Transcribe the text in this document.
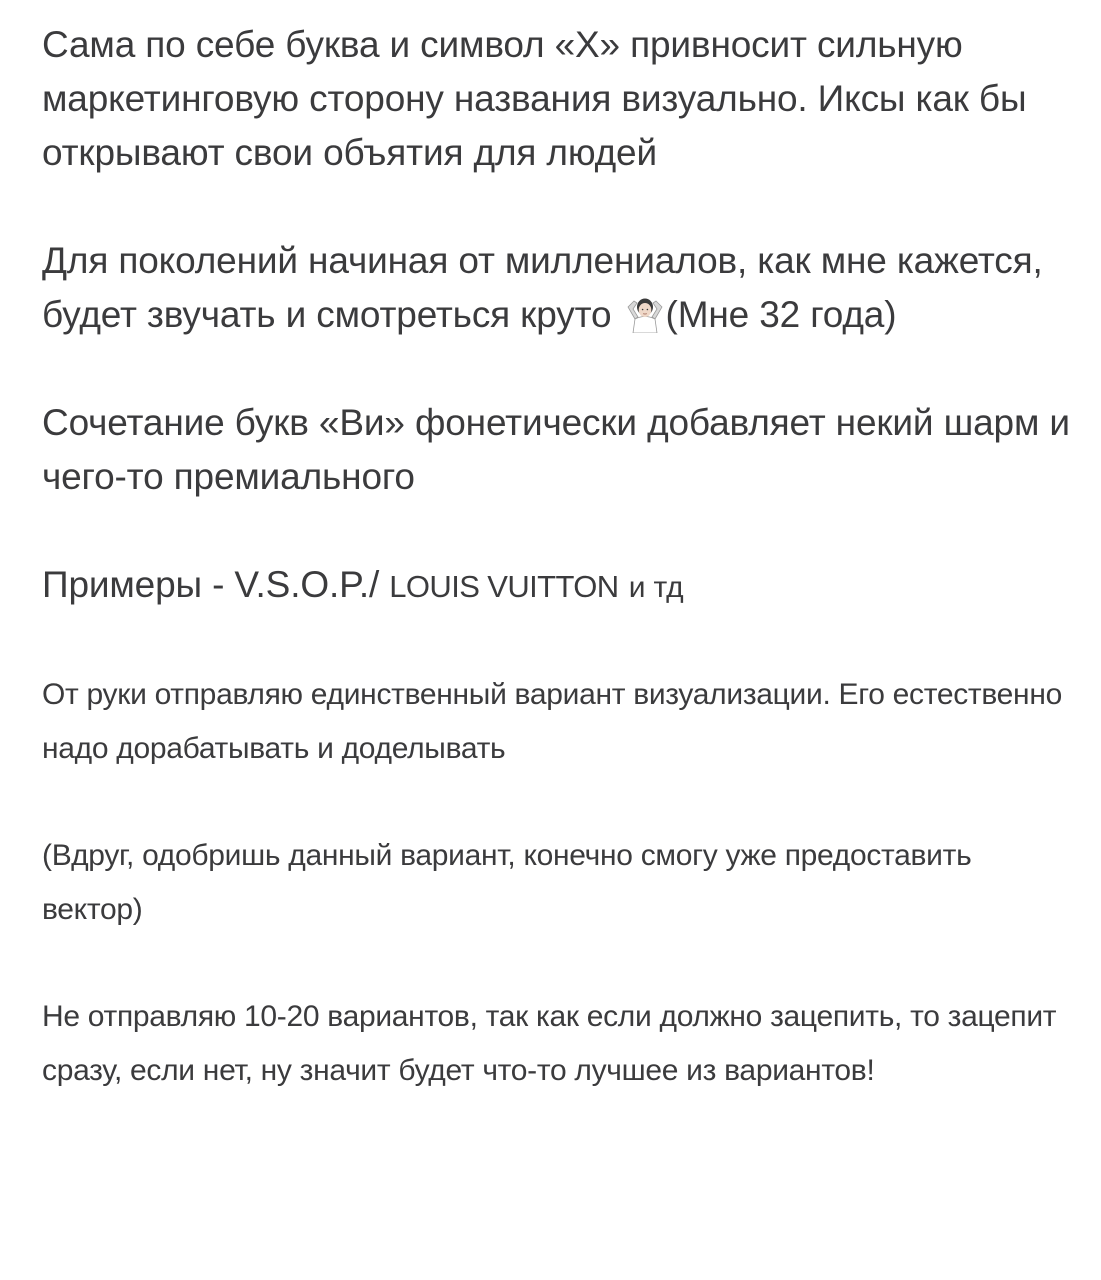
Сама по себе буква и символ «X» привносит сильную маркетинговую сторону названия визуально. Иксы как бы открывают свои объятия для людей

Для поколений начиная от миллениалов, как мне кажется, будет звучать и смотреться круто (Мне 32 года)

Сочетание букв «Ви» фонетически добавляет некий шарм и чего-то премиального

Примеры - V.S.O.P./ LOUIS VUITTON и тд

От руки отправляю единственный вариант визуализации. Его естественно надо дорабатывать и доделывать

(Вдруг, одобришь данный вариант, конечно смогу уже предоставить вектор)

Не отправляю 10-20 вариантов, так как если должно зацепить, то зацепит сразу, если нет, ну значит будет что-то лучшее из вариантов!
